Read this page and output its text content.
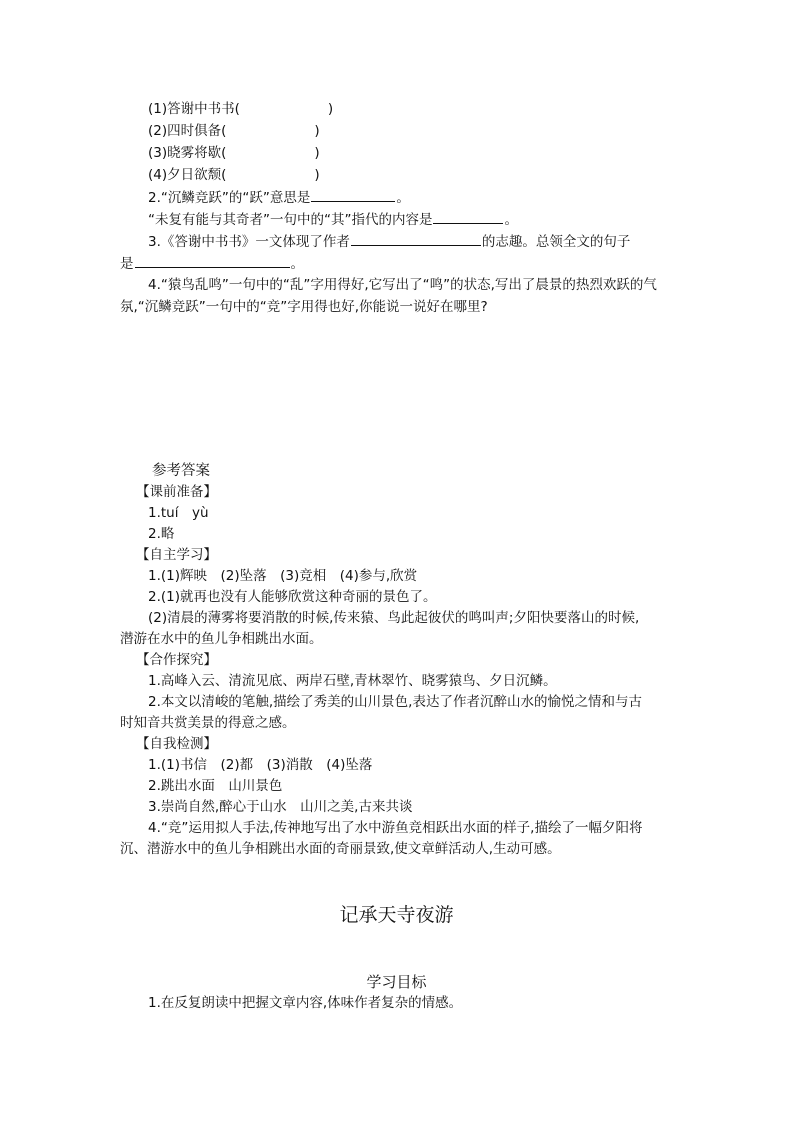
(1)答谢中书书(	)
(2)四时俱备(	)
(3)晓雾将歇(	)
(4)夕日欲颓(	)
2.“沉鳞竞跃”的“跃”意思是	。
“未复有能与其奇者”一句中的“其”指代的内容是	。
3.《答谢中书书》一文体现了作者	的志趣。总领全文的句子
是	。
4.“猿鸟乱鸣”一句中的“乱”字用得好,它写出了“鸣”的状态,写出了晨景的热烈欢跃的气
氛,“沉鳞竞跃”一句中的“竞”字用得也好,你能说一说好在哪里?
参考答案
【课前准备】
1.tuí　yù
2.略
【自主学习】
1.(1)辉映　(2)坠落　(3)竞相　(4)参与,欣赏
2.(1)就再也没有人能够欣赏这种奇丽的景色了。
(2)清晨的薄雾将要消散的时候,传来猿、鸟此起彼伏的鸣叫声;夕阳快要落山的时候,
潜游在水中的鱼儿争相跳出水面。
【合作探究】
1.高峰入云、清流见底、两岸石壁,青林翠竹、晓雾猿鸟、夕日沉鳞。
2.本文以清峻的笔触,描绘了秀美的山川景色,表达了作者沉醉山水的愉悦之情和与古
时知音共赏美景的得意之感。
【自我检测】
1.(1)书信　(2)都　(3)消散　(4)坠落
2.跳出水面　山川景色
3.崇尚自然,醉心于山水　山川之美,古来共谈
4.“竞”运用拟人手法,传神地写出了水中游鱼竞相跃出水面的样子,描绘了一幅夕阳将
沉、潜游水中的鱼儿争相跳出水面的奇丽景致,使文章鲜活动人,生动可感。
记承天寺夜游
学习目标
1.在反复朗读中把握文章内容,体味作者复杂的情感。
